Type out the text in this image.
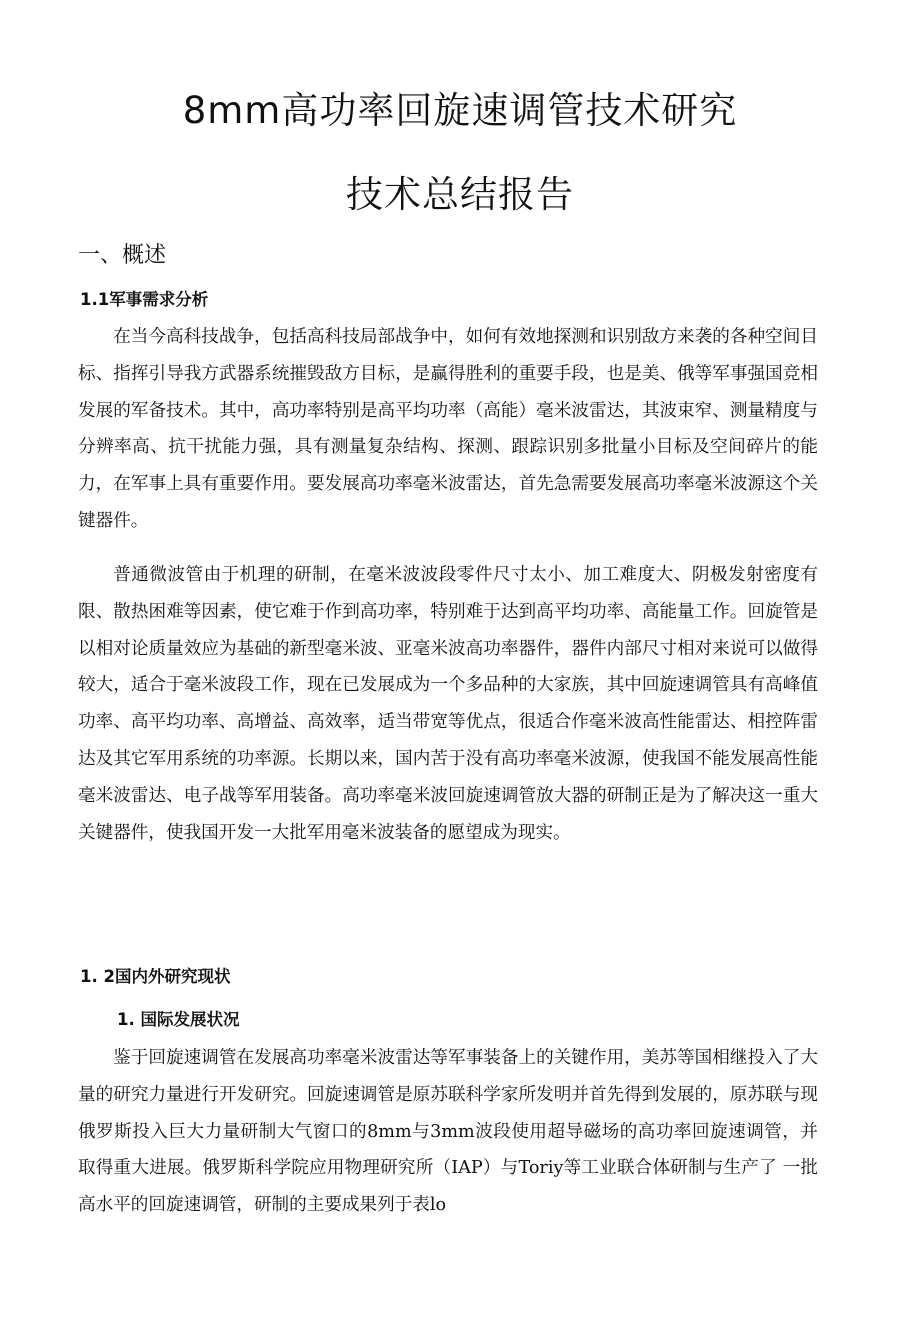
8mm高功率回旋速调管技术研究
技术总结报告
一、概述
1.1军事需求分析

在当今高科技战争，包括高科技局部战争中，如何有效地探测和识别敌方来袭的各种空间目标、指挥引导我方武器系统摧毁敌方目标，是赢得胜利的重要手段，也是美、俄等军事强国竞相发展的军备技术。其中，高功率特别是高平均功率（高能）毫米波雷达，其波束窄、测量精度与分辨率高、抗干扰能力强，具有测量复杂结构、探测、跟踪识别多批量小目标及空间碎片的能力，在军事上具有重要作用。要发展高功率毫米波雷达，首先急需要发展高功率毫米波源这个关键器件。

普通微波管由于机理的研制，在毫米波波段零件尺寸太小、加工难度大、阴极发射密度有限、散热困难等因素，使它难于作到高功率，特别难于达到高平均功率、高能量工作。回旋管是以相对论质量效应为基础的新型毫米波、亚毫米波高功率器件，器件内部尺寸相对来说可以做得较大，适合于毫米波段工作，现在已发展成为一个多品种的大家族，其中回旋速调管具有高峰值功率、高平均功率、高增益、高效率，适当带宽等优点，很适合作毫米波高性能雷达、相控阵雷达及其它军用系统的功率源。长期以来，国内苦于没有高功率毫米波源，使我国不能发展高性能毫米波雷达、电子战等军用装备。高功率毫米波回旋速调管放大器的研制正是为了解决这一重大关键器件，使我国开发一大批军用毫米波装备的愿望成为现实。

1. 2国内外研究现状
1. 国际发展状况

鉴于回旋速调管在发展高功率毫米波雷达等军事装备上的关键作用，美苏等国相继投入了大量的研究力量进行开发研究。回旋速调管是原苏联科学家所发明并首先得到发展的，原苏联与现俄罗斯投入巨大力量研制大气窗口的8mm与3mm波段使用超导磁场的高功率回旋速调管，并取得重大进展。俄罗斯科学院应用物理研究所（IAP）与Toriy等工业联合体研制与生产了 一批高水平的回旋速调管，研制的主要成果列于表lo
